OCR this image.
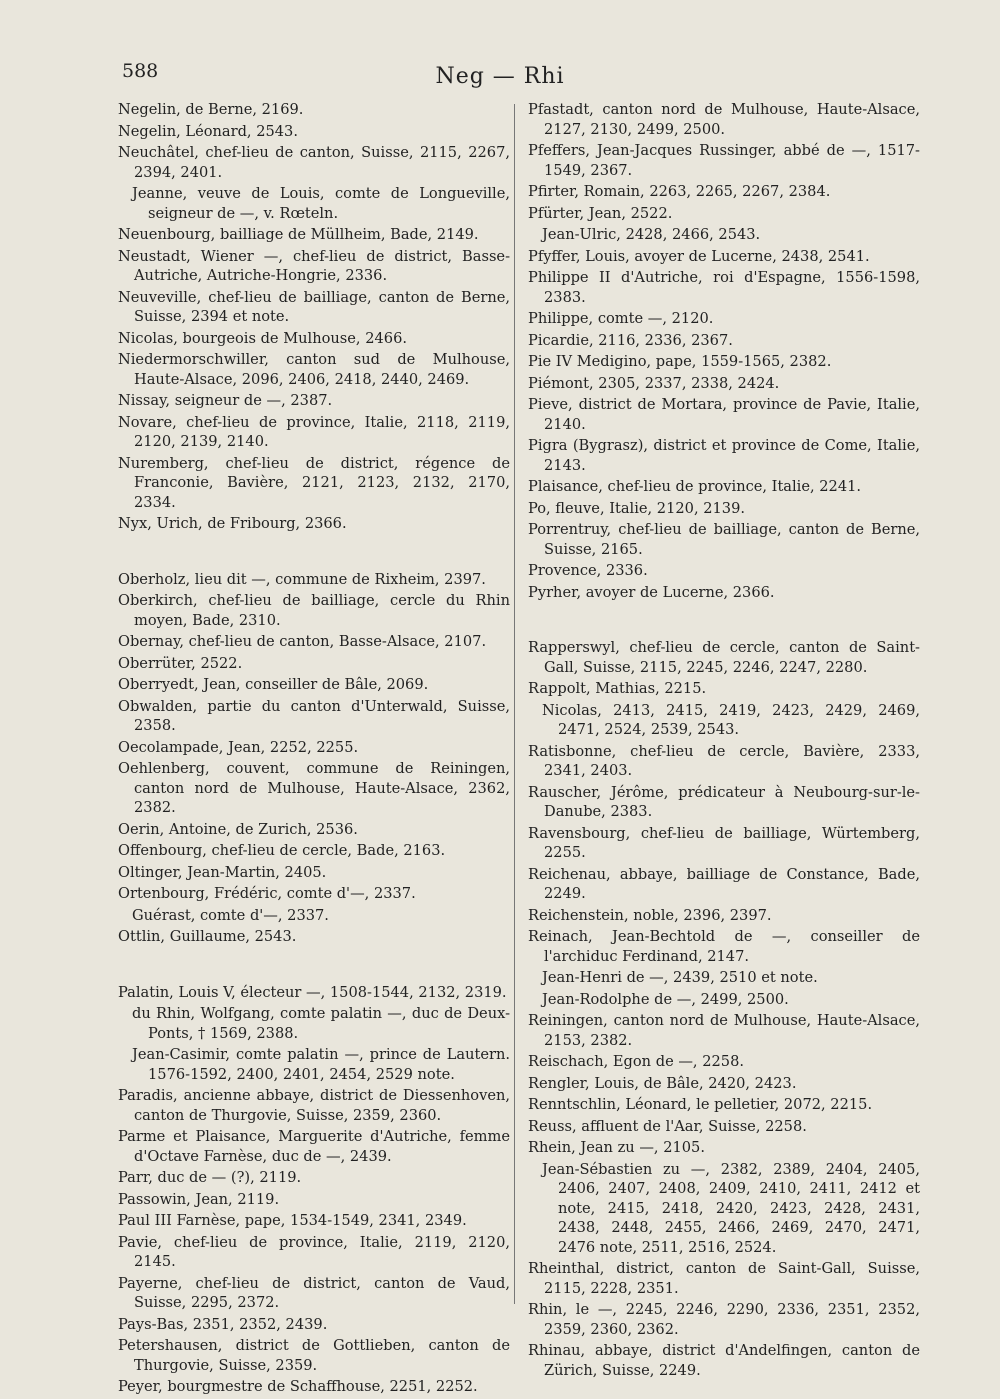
588	Neg — Rhi
Negelin, de Berne, 2169.
Negelin, Léonard, 2543.
Neuchâtel, chef-lieu de canton, Suisse, 2115, 2267, 2394, 2401.
Jeanne, veuve de Louis, comte de Longueville, seigneur de —, v. Rœteln.
Neuenbourg, bailliage de Müllheim, Bade, 2149.
Neustadt, Wiener —, chef-lieu de district, Basse-Autriche, Autriche-Hongrie, 2336.
Neuveville, chef-lieu de bailliage, canton de Berne, Suisse, 2394 et note.
Nicolas, bourgeois de Mulhouse, 2466.
Niedermorschwiller, canton sud de Mulhouse, Haute-Alsace, 2096, 2406, 2418, 2440, 2469.
Nissay, seigneur de —, 2387.
Novare, chef-lieu de province, Italie, 2118, 2119, 2120, 2139, 2140.
Nuremberg, chef-lieu de district, régence de Franconie, Bavière, 2121, 2123, 2132, 2170, 2334.
Nyx, Urich, de Fribourg, 2366.
Oberholz, lieu dit —, commune de Rixheim, 2397.
Oberkirch, chef-lieu de bailliage, cercle du Rhin moyen, Bade, 2310.
Obernay, chef-lieu de canton, Basse-Alsace, 2107.
Oberrüter, 2522.
Oberryedt, Jean, conseiller de Bâle, 2069.
Obwalden, partie du canton d'Unterwald, Suisse, 2358.
Oecolampade, Jean, 2252, 2255.
Oehlenberg, couvent, commune de Reiningen, canton nord de Mulhouse, Haute-Alsace, 2362, 2382.
Oerin, Antoine, de Zurich, 2536.
Offenbourg, chef-lieu de cercle, Bade, 2163.
Oltinger, Jean-Martin, 2405.
Ortenbourg, Frédéric, comte d'—, 2337.
Guérast, comte d'—, 2337.
Ottlin, Guillaume, 2543.
Palatin, Louis V, électeur —, 1508-1544, 2132, 2319.
du Rhin, Wolfgang, comte palatin —, duc de Deux-Ponts, † 1569, 2388.
Jean-Casimir, comte palatin —, prince de Lautern. 1576-1592, 2400, 2401, 2454, 2529 note.
Paradis, ancienne abbaye, district de Diessenhoven, canton de Thurgovie, Suisse, 2359, 2360.
Parme et Plaisance, Marguerite d'Autriche, femme d'Octave Farnèse, duc de —, 2439.
Parr, duc de — (?), 2119.
Passowin, Jean, 2119.
Paul III Farnèse, pape, 1534-1549, 2341, 2349.
Pavie, chef-lieu de province, Italie, 2119, 2120, 2145.
Payerne, chef-lieu de district, canton de Vaud, Suisse, 2295, 2372.
Pays-Bas, 2351, 2352, 2439.
Petershausen, district de Gottlieben, canton de Thurgovie, Suisse, 2359.
Peyer, bourgmestre de Schaffhouse, 2251, 2252.
Pfastadt, canton nord de Mulhouse, Haute-Alsace, 2127, 2130, 2499, 2500.
Pfeffers, Jean-Jacques Russinger, abbé de —, 1517-1549, 2367.
Pfirter, Romain, 2263, 2265, 2267, 2384.
Pfürter, Jean, 2522.
Jean-Ulric, 2428, 2466, 2543.
Pfyffer, Louis, avoyer de Lucerne, 2438, 2541.
Philippe II d'Autriche, roi d'Espagne, 1556-1598, 2383.
Philippe, comte —, 2120.
Picardie, 2116, 2336, 2367.
Pie IV Medigino, pape, 1559-1565, 2382.
Piémont, 2305, 2337, 2338, 2424.
Pieve, district de Mortara, province de Pavie, Italie, 2140.
Pigra (Bygrasz), district et province de Come, Italie, 2143.
Plaisance, chef-lieu de province, Italie, 2241.
Po, fleuve, Italie, 2120, 2139.
Porrentruy, chef-lieu de bailliage, canton de Berne, Suisse, 2165.
Provence, 2336.
Pyrher, avoyer de Lucerne, 2366.
Rapperswyl, chef-lieu de cercle, canton de Saint-Gall, Suisse, 2115, 2245, 2246, 2247, 2280.
Rappolt, Mathias, 2215.
Nicolas, 2413, 2415, 2419, 2423, 2429, 2469, 2471, 2524, 2539, 2543.
Ratisbonne, chef-lieu de cercle, Bavière, 2333, 2341, 2403.
Rauscher, Jérôme, prédicateur à Neubourg-sur-le-Danube, 2383.
Ravensbourg, chef-lieu de bailliage, Würtemberg, 2255.
Reichenau, abbaye, bailliage de Constance, Bade, 2249.
Reichenstein, noble, 2396, 2397.
Reinach, Jean-Bechtold de —, conseiller de l'archiduc Ferdinand, 2147.
Jean-Henri de —, 2439, 2510 et note.
Jean-Rodolphe de —, 2499, 2500.
Reiningen, canton nord de Mulhouse, Haute-Alsace, 2153, 2382.
Reischach, Egon de —, 2258.
Rengler, Louis, de Bâle, 2420, 2423.
Renntschlin, Léonard, le pelletier, 2072, 2215.
Reuss, affluent de l'Aar, Suisse, 2258.
Rhein, Jean zu —, 2105.
Jean-Sébastien zu —, 2382, 2389, 2404, 2405, 2406, 2407, 2408, 2409, 2410, 2411, 2412 et note, 2415, 2418, 2420, 2423, 2428, 2431, 2438, 2448, 2455, 2466, 2469, 2470, 2471, 2476 note, 2511, 2516, 2524.
Rheinthal, district, canton de Saint-Gall, Suisse, 2115, 2228, 2351.
Rhin, le —, 2245, 2246, 2290, 2336, 2351, 2352, 2359, 2360, 2362.
Rhinau, abbaye, district d'Andelfingen, canton de Zürich, Suisse, 2249.
